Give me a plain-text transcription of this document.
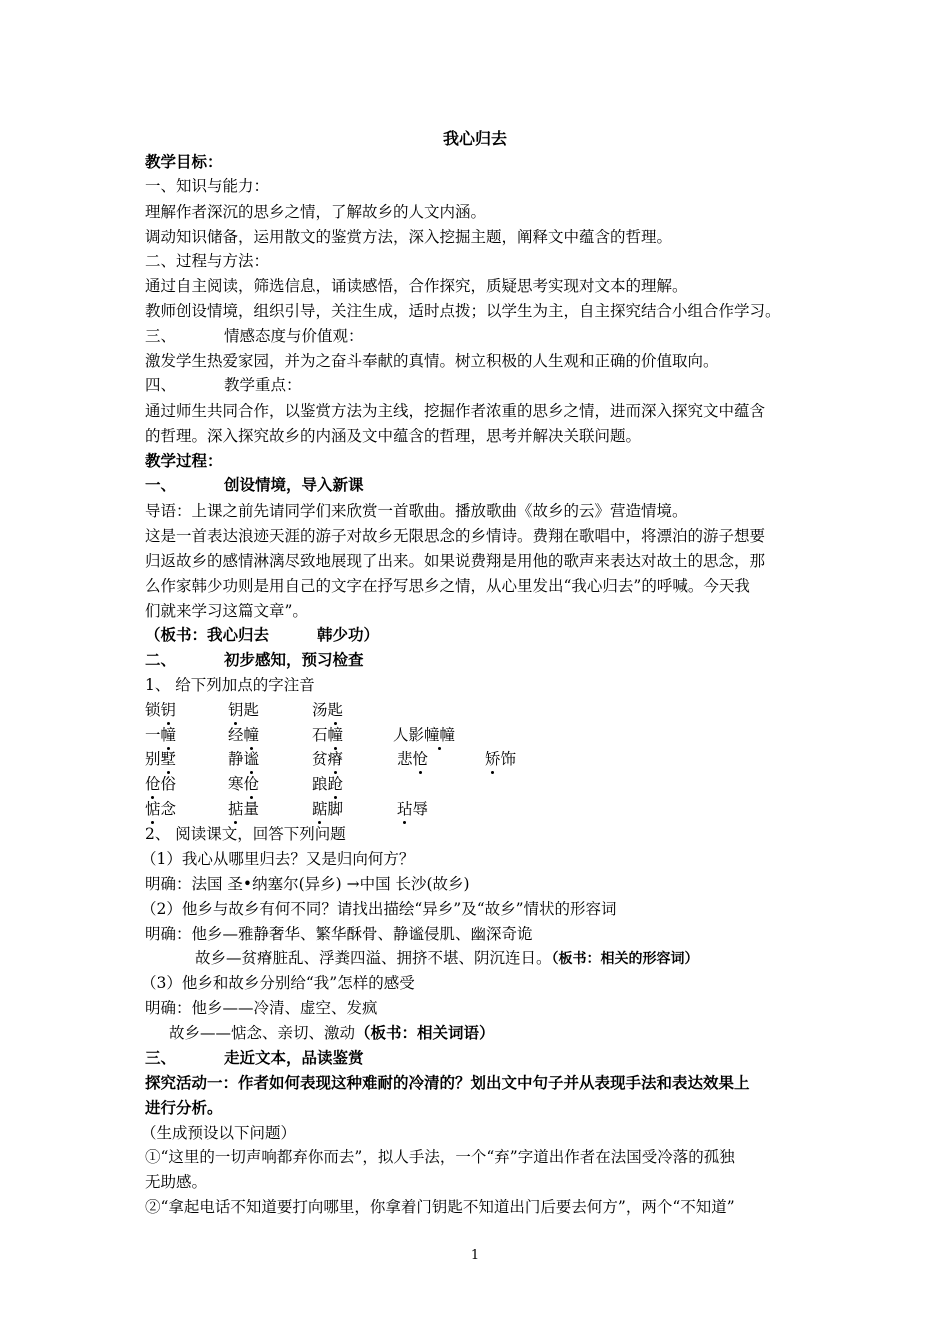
我心归去
教学目标：
一、知识与能力：
理解作者深沉的思乡之情，了解故乡的人文内涵。
调动知识储备，运用散文的鉴赏方法，深入挖掘主题，阐释文中蕴含的哲理。
二、过程与方法：
通过自主阅读，筛选信息，诵读感悟，合作探究，质疑思考实现对文本的理解。
教师创设情境，组织引导，关注生成，适时点拨；以学生为主，自主探究结合小组合作学习。
三、	情感态度与价值观：
激发学生热爱家园，并为之奋斗奉献的真情。树立积极的人生观和正确的价值取向。
四、	教学重点：
通过师生共同合作，以鉴赏方法为主线，挖掘作者浓重的思乡之情，进而深入探究文中蕴含
的哲理。深入探究故乡的内涵及文中蕴含的哲理，思考并解决关联问题。
教学过程：
一、	创设情境，导入新课
导语：上课之前先请同学们来欣赏一首歌曲。播放歌曲《故乡的云》营造情境。
这是一首表达浪迹天涯的游子对故乡无限思念的乡情诗。费翔在歌唱中，将漂泊的游子想要
归返故乡的感情淋漓尽致地展现了出来。如果说费翔是用他的歌声来表达对故土的思念，那
么作家韩少功则是用自己的文字在抒写思乡之情，从心里发出“我心归去”的呼喊。今天我
们就来学习这篇文章”。
（板书：我心归去	韩少功）
二、	初步感知，预习检查
1、 给下列加点的字注音
锁钥	钥匙	汤匙
一幢	经幢	石幢	人影幢幢
别墅	静谧	贫瘠	悲怆	矫饰
伧俗	寒伧	踉跄
惦念	掂量	踮脚	玷辱
2、 阅读课文，回答下列问题
（1）我心从哪里归去？又是归向何方？
明确：法国 圣•纳塞尔(异乡) →中国 长沙(故乡)
（2）他乡与故乡有何不同？请找出描绘“异乡”及“故乡”情状的形容词
明确：他乡—雅静奢华、繁华酥骨、静谧侵肌、幽深奇诡
故乡—贫瘠脏乱、浮粪四溢、拥挤不堪、阴沉连日。（板书：相关的形容词）
（3）他乡和故乡分别给“我”怎样的感受
明确：他乡——冷清、虚空、发疯
故乡——惦念、亲切、激动（板书：相关词语）
三、	走近文本，品读鉴赏
探究活动一：作者如何表现这种难耐的冷清的？划出文中句子并从表现手法和表达效果上
进行分析。
（生成预设以下问题）
①“这里的一切声响都弃你而去”，拟人手法，一个“弃”字道出作者在法国受冷落的孤独
无助感。
②“拿起电话不知道要打向哪里，你拿着门钥匙不知道出门后要去何方”，两个“不知道”
1
